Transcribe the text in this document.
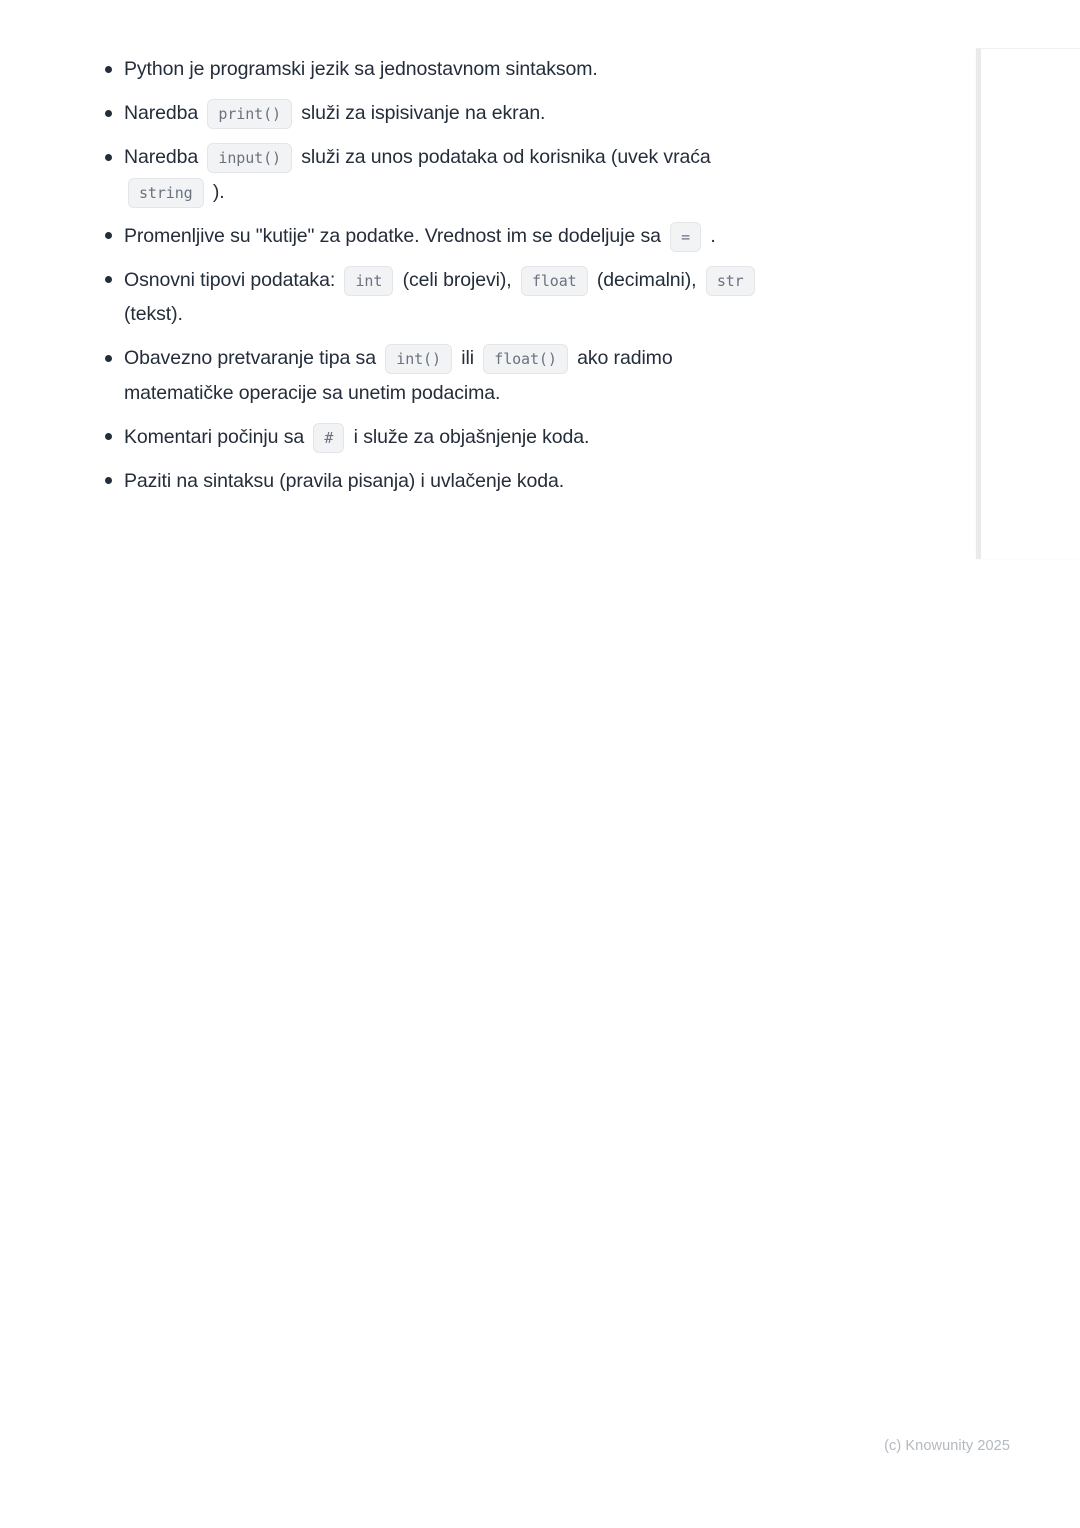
Python je programski jezik sa jednostavnom sintaksom.
Naredba print() služi za ispisivanje na ekran.
Naredba input() služi za unos podataka od korisnika (uvek vraća
string ).
Promenljive su "kutije" za podatke. Vrednost im se dodeljuje sa = .
Osnovni tipovi podataka: int (celi brojevi), float (decimalni), str
(tekst).
Obavezno pretvaranje tipa sa int() ili float() ako radimo
matematičke operacije sa unetim podacima.
Komentari počinju sa # i služe za objašnjenje koda.
Paziti na sintaksu (pravila pisanja) i uvlačenje koda.
(c) Knowunity 2025
